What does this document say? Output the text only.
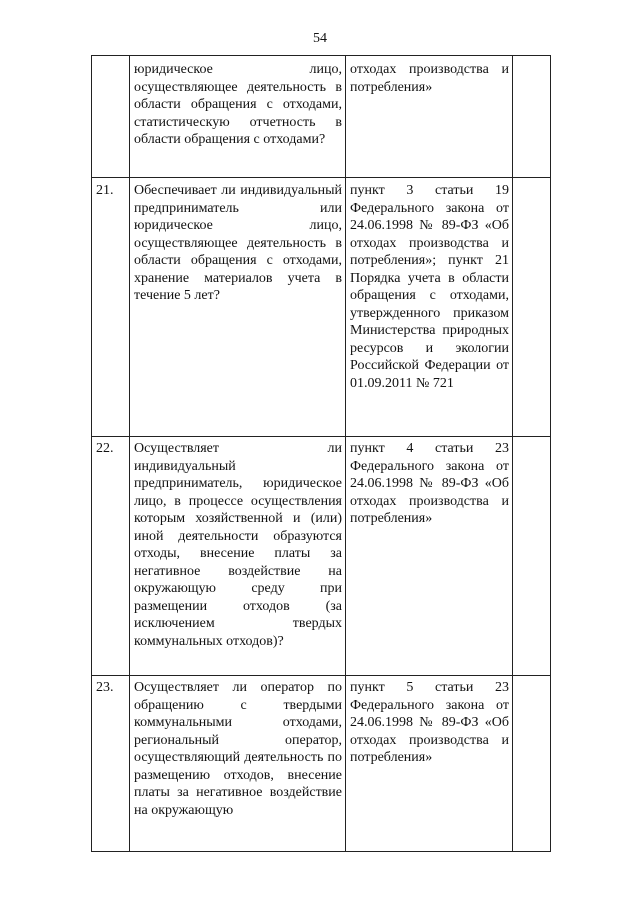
54

	юридическое лицо, осуществляющее деятельность в области обращения с отходами, статистическую отчетность в области обращения с отходами?	отходах производства и потребления»	

21.	Обеспечивает ли индивидуальный предприниматель или юридическое лицо, осуществляющее деятельность в области обращения с отходами, хранение материалов учета в течение 5 лет?	пункт 3 статьи 19 Федерального закона от 24.06.1998 № 89-ФЗ «Об отходах производства и потребления»; пункт 21 Порядка учета в области обращения с отходами, утвержденного приказом Министерства природных ресурсов и экологии Российской Федерации от 01.09.2011 № 721	

22.	Осуществляет ли индивидуальный предприниматель, юридическое лицо, в процессе осуществления которым хозяйственной и (или) иной деятельности образуются отходы, внесение платы за негативное воздействие на окружающую среду при размещении отходов (за исключением твердых коммунальных отходов)?	пункт 4 статьи 23 Федерального закона от 24.06.1998 № 89-ФЗ «Об отходах производства и потребления»	

23.	Осуществляет ли оператор по обращению с твердыми коммунальными отходами, региональный оператор, осуществляющий деятельность по размещению отходов, внесение платы за негативное воздействие на окружающую	пункт 5 статьи 23 Федерального закона от 24.06.1998 № 89-ФЗ «Об отходах производства и потребления»	
